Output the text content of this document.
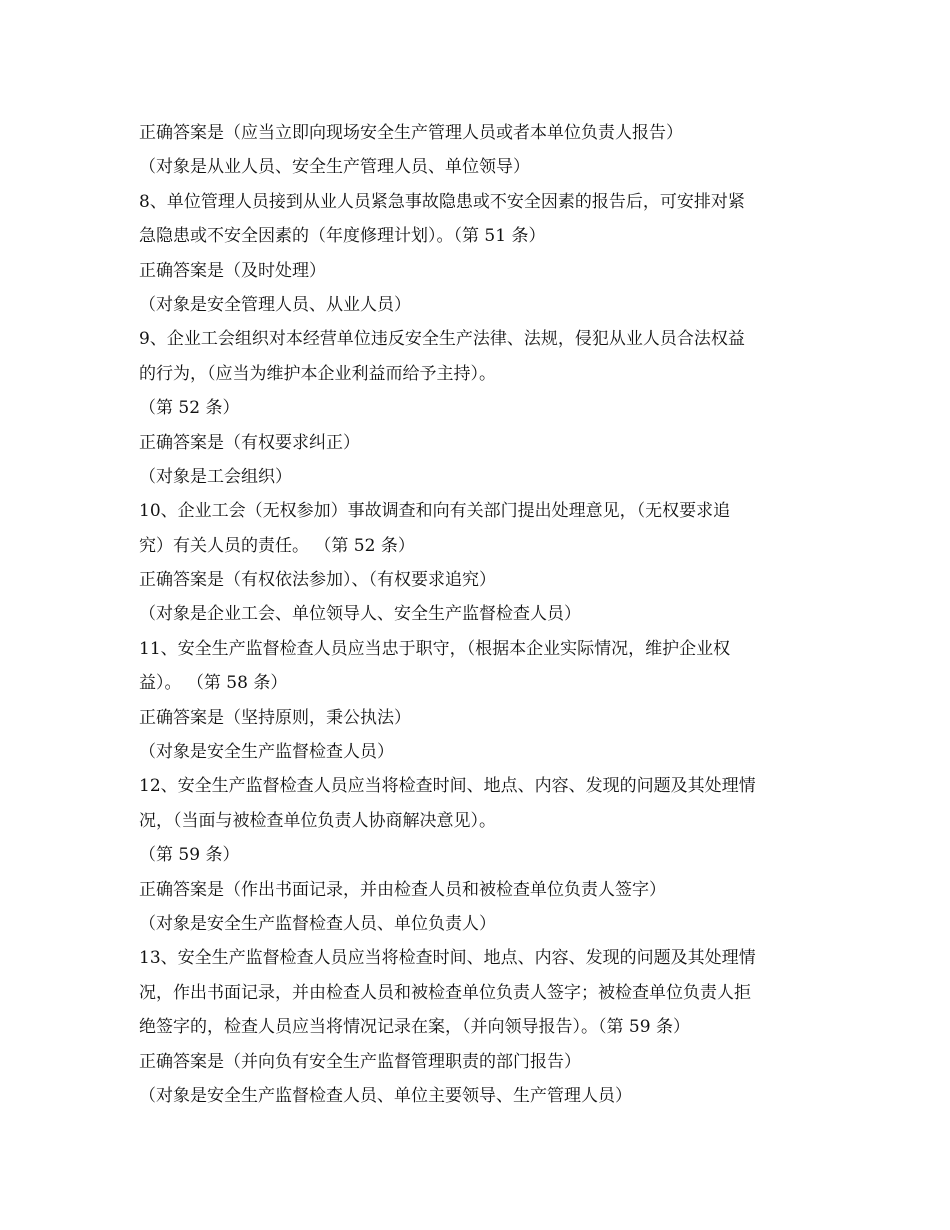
正确答案是（应当立即向现场安全生产管理人员或者本单位负责人报告）
（对象是从业人员、安全生产管理人员、单位领导）
8、单位管理人员接到从业人员紧急事故隐患或不安全因素的报告后，可安排对紧
急隐患或不安全因素的（年度修理计划）。（第 51 条）
正确答案是（及时处理）
（对象是安全管理人员、从业人员）
9、企业工会组织对本经营单位违反安全生产法律、法规，侵犯从业人员合法权益
的行为，（应当为维护本企业利益而给予主持）。
（第 52 条）
正确答案是（有权要求纠正）
（对象是工会组织）
10、企业工会（无权参加）事故调查和向有关部门提出处理意见，（无权要求追
究）有关人员的责任。 （第 52 条）
正确答案是（有权依法参加）、（有权要求追究）
（对象是企业工会、单位领导人、安全生产监督检查人员）
11、安全生产监督检查人员应当忠于职守，（根据本企业实际情况，维护企业权
益）。 （第 58 条）
正确答案是（坚持原则，秉公执法）
（对象是安全生产监督检查人员）
12、安全生产监督检查人员应当将检查时间、地点、内容、发现的问题及其处理情
况，（当面与被检查单位负责人协商解决意见）。
（第 59 条）
正确答案是（作出书面记录，并由检查人员和被检查单位负责人签字）
（对象是安全生产监督检查人员、单位负责人）
13、安全生产监督检查人员应当将检查时间、地点、内容、发现的问题及其处理情
况，作出书面记录，并由检查人员和被检查单位负责人签字；被检查单位负责人拒
绝签字的，检查人员应当将情况记录在案，（并向领导报告）。（第 59 条）
正确答案是（并向负有安全生产监督管理职责的部门报告）
（对象是安全生产监督检查人员、单位主要领导、生产管理人员）
